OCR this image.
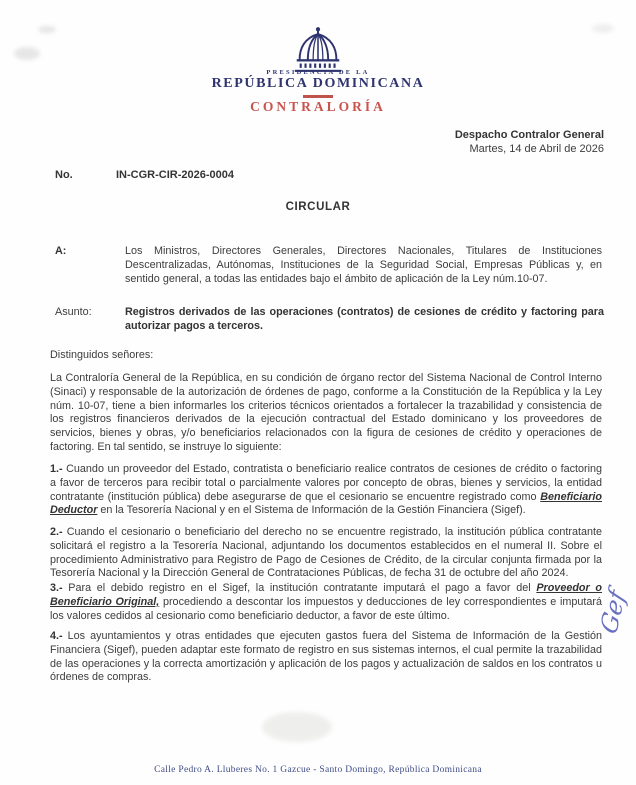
PRESIDENCIA DE LA
REPÚBLICA DOMINICANA
CONTRALORÍA
Despacho Contralor General
Martes, 14 de Abril de 2026
No.	IN-CGR-CIR-2026-0004
CIRCULAR
A:	Los Ministros, Directores Generales, Directores Nacionales, Titulares de Instituciones Descentralizadas, Autónomas, Instituciones de la Seguridad Social, Empresas Públicas y, en sentido general, a todas las entidades bajo el ámbito de aplicación de la Ley núm.10-07.
Asunto:	Registros derivados de las operaciones (contratos) de cesiones de crédito y factoring para autorizar pagos a terceros.
Distinguidos señores:
La Contraloría General de la República, en su condición de órgano rector del Sistema Nacional de Control Interno (Sinaci) y responsable de la autorización de órdenes de pago, conforme a la Constitución de la República y la Ley núm. 10-07, tiene a bien informarles los criterios técnicos orientados a fortalecer la trazabilidad y consistencia de los registros financieros derivados de la ejecución contractual del Estado dominicano y los proveedores de servicios, bienes y obras, y/o beneficiarios relacionados con la figura de cesiones de crédito y operaciones de factoring. En tal sentido, se instruye lo siguiente:
1.- Cuando un proveedor del Estado, contratista o beneficiario realice contratos de cesiones de crédito o factoring a favor de terceros para recibir total o parcialmente valores por concepto de obras, bienes y servicios, la entidad contratante (institución pública) debe asegurarse de que el cesionario se encuentre registrado como Beneficiario Deductor en la Tesorería Nacional y en el Sistema de Información de la Gestión Financiera (Sigef).
2.- Cuando el cesionario o beneficiario del derecho no se encuentre registrado, la institución pública contratante solicitará el registro a la Tesorería Nacional, adjuntando los documentos establecidos en el numeral II. Sobre el procedimiento Administrativo para Registro de Pago de Cesiones de Crédito, de la circular conjunta firmada por la Tesorería Nacional y la Dirección General de Contrataciones Públicas, de fecha 31 de octubre del año 2024.
3.- Para el debido registro en el Sigef, la institución contratante imputará el pago a favor del Proveedor o Beneficiario Original, procediendo a descontar los impuestos y deducciones de ley correspondientes e imputará los valores cedidos al cesionario como beneficiario deductor, a favor de este último.
4.- Los ayuntamientos y otras entidades que ejecuten gastos fuera del Sistema de Información de la Gestión Financiera (Sigef), pueden adaptar este formato de registro en sus sistemas internos, el cual permite la trazabilidad de las operaciones y la correcta amortización y aplicación de los pagos y actualización de saldos en los contratos u órdenes de compras.
Gef
Calle Pedro A. Lluberes No. 1 Gazcue - Santo Domingo, República Dominicana
